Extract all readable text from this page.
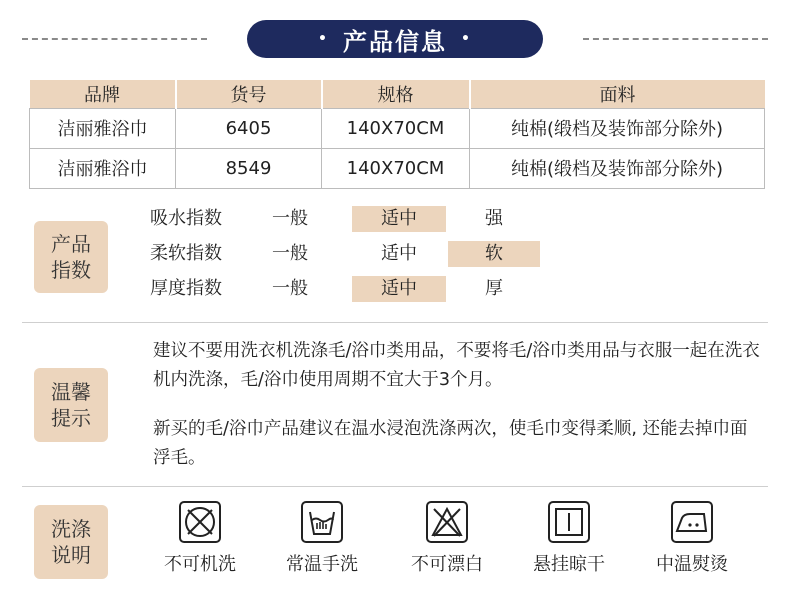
• 产品信息 •
品牌	货号	规格	面料
洁丽雅浴巾	6405	140X70CM	纯棉(缎档及装饰部分除外)
洁丽雅浴巾	8549	140X70CM	纯棉(缎档及装饰部分除外)
产品
指数
吸水指数	一般	适中	强
柔软指数	一般	适中	软
厚度指数	一般	适中	厚
温馨
提示

建议不要用洗衣机洗涤毛/浴巾类用品，不要将毛/浴巾类用品与衣服一起在洗衣机内洗涤，毛/浴巾使用周期不宜大于3个月。

新买的毛/浴巾产品建议在温水浸泡洗涤两次，使毛巾变得柔顺, 还能去掉巾面浮毛。

洗涤
说明	不可机洗	常温手洗	不可漂白	悬挂晾干	中温熨烫
